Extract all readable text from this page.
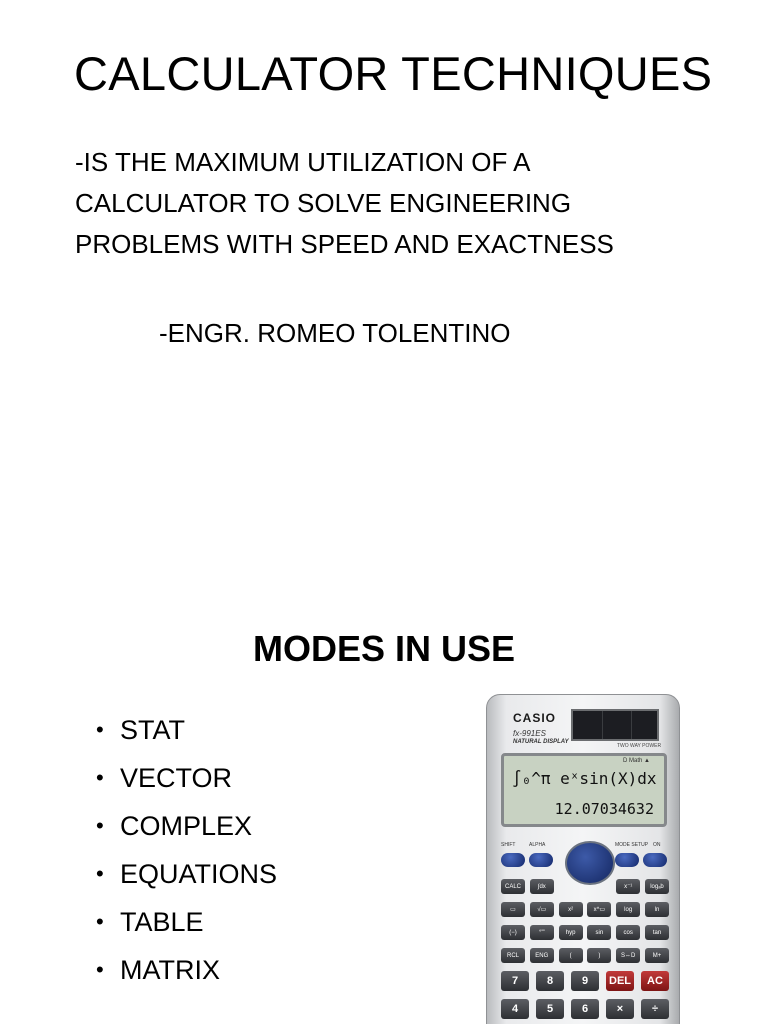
CALCULATOR TECHNIQUES

-IS THE MAXIMUM UTILIZATION OF A
CALCULATOR TO SOLVE ENGINEERING
PROBLEMS WITH SPEED AND EXACTNESS

-ENGR. ROMEO TOLENTINO

MODES IN USE
• STAT
• VECTOR
• COMPLEX
• EQUATIONS
• TABLE
• MATRIX
CASIO
fx-991ES
NATURAL DISPLAY
TWO WAY POWER
D Math ▲
∫₀^π eˣsin(X)dx
12.07034632
SHIFT	ALPHA	MODE SETUP ON
CALC	∫dx	x⁻¹	logₐb
▭	√▭	x²	x^▭	log	ln
(−)	°'"	hyp	sin	cos	tan
RCL	ENG	(	)	S⇔D	M+
7	8	9	DEL	AC
4	5	6	×	÷
